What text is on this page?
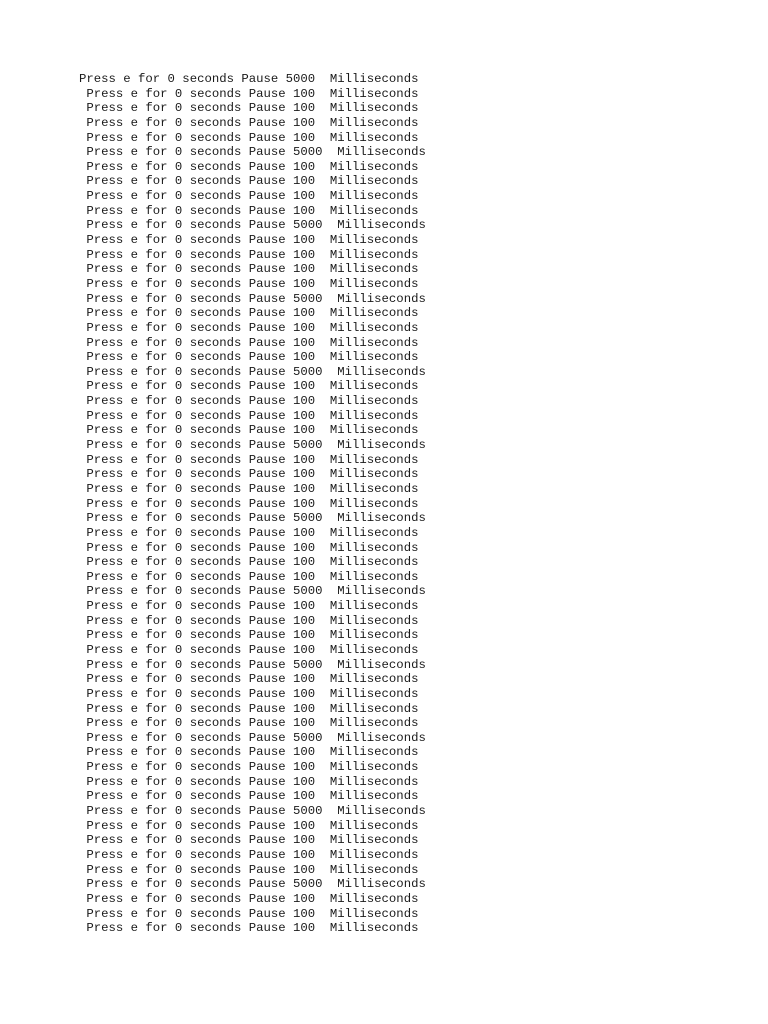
Press e for 0 seconds Pause 5000  Milliseconds
Press e for 0 seconds Pause 100  Milliseconds
Press e for 0 seconds Pause 100  Milliseconds
Press e for 0 seconds Pause 100  Milliseconds
Press e for 0 seconds Pause 100  Milliseconds
Press e for 0 seconds Pause 5000  Milliseconds
Press e for 0 seconds Pause 100  Milliseconds
Press e for 0 seconds Pause 100  Milliseconds
Press e for 0 seconds Pause 100  Milliseconds
Press e for 0 seconds Pause 100  Milliseconds
Press e for 0 seconds Pause 5000  Milliseconds
Press e for 0 seconds Pause 100  Milliseconds
Press e for 0 seconds Pause 100  Milliseconds
Press e for 0 seconds Pause 100  Milliseconds
Press e for 0 seconds Pause 100  Milliseconds
Press e for 0 seconds Pause 5000  Milliseconds
Press e for 0 seconds Pause 100  Milliseconds
Press e for 0 seconds Pause 100  Milliseconds
Press e for 0 seconds Pause 100  Milliseconds
Press e for 0 seconds Pause 100  Milliseconds
Press e for 0 seconds Pause 5000  Milliseconds
Press e for 0 seconds Pause 100  Milliseconds
Press e for 0 seconds Pause 100  Milliseconds
Press e for 0 seconds Pause 100  Milliseconds
Press e for 0 seconds Pause 100  Milliseconds
Press e for 0 seconds Pause 5000  Milliseconds
Press e for 0 seconds Pause 100  Milliseconds
Press e for 0 seconds Pause 100  Milliseconds
Press e for 0 seconds Pause 100  Milliseconds
Press e for 0 seconds Pause 100  Milliseconds
Press e for 0 seconds Pause 5000  Milliseconds
Press e for 0 seconds Pause 100  Milliseconds
Press e for 0 seconds Pause 100  Milliseconds
Press e for 0 seconds Pause 100  Milliseconds
Press e for 0 seconds Pause 100  Milliseconds
Press e for 0 seconds Pause 5000  Milliseconds
Press e for 0 seconds Pause 100  Milliseconds
Press e for 0 seconds Pause 100  Milliseconds
Press e for 0 seconds Pause 100  Milliseconds
Press e for 0 seconds Pause 100  Milliseconds
Press e for 0 seconds Pause 5000  Milliseconds
Press e for 0 seconds Pause 100  Milliseconds
Press e for 0 seconds Pause 100  Milliseconds
Press e for 0 seconds Pause 100  Milliseconds
Press e for 0 seconds Pause 100  Milliseconds
Press e for 0 seconds Pause 5000  Milliseconds
Press e for 0 seconds Pause 100  Milliseconds
Press e for 0 seconds Pause 100  Milliseconds
Press e for 0 seconds Pause 100  Milliseconds
Press e for 0 seconds Pause 100  Milliseconds
Press e for 0 seconds Pause 5000  Milliseconds
Press e for 0 seconds Pause 100  Milliseconds
Press e for 0 seconds Pause 100  Milliseconds
Press e for 0 seconds Pause 100  Milliseconds
Press e for 0 seconds Pause 100  Milliseconds
Press e for 0 seconds Pause 5000  Milliseconds
Press e for 0 seconds Pause 100  Milliseconds
Press e for 0 seconds Pause 100  Milliseconds
Press e for 0 seconds Pause 100  Milliseconds
